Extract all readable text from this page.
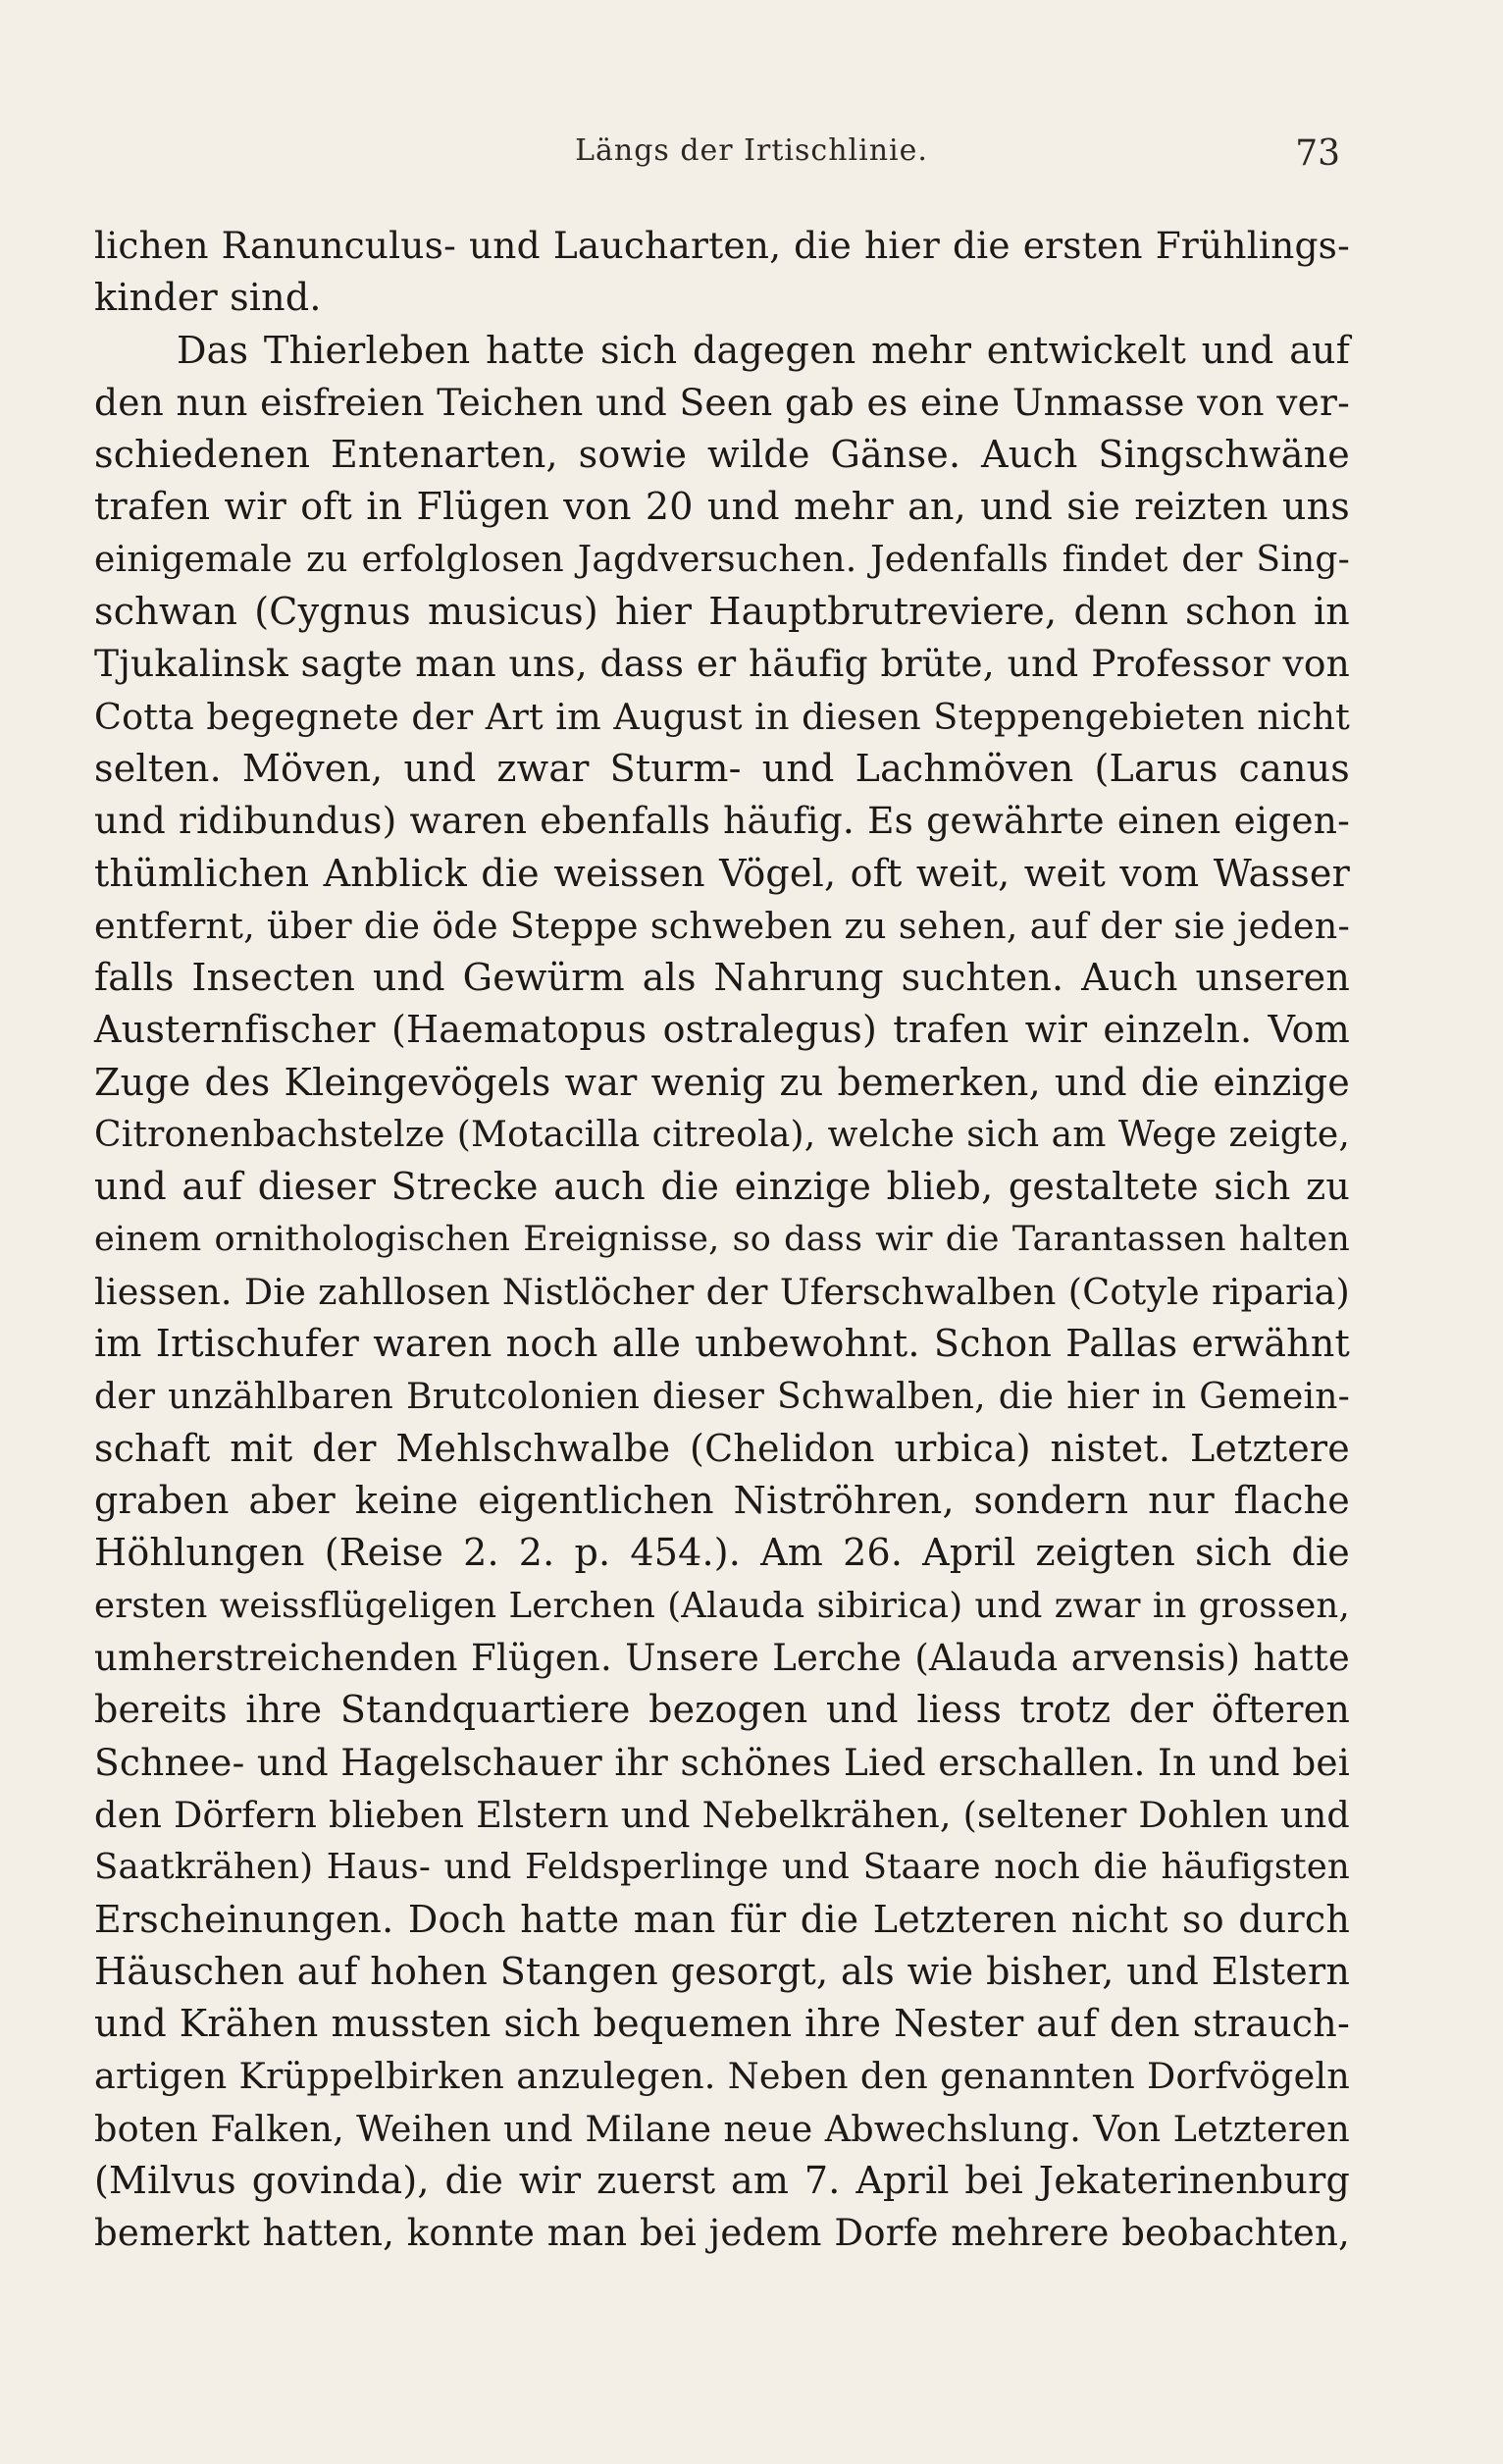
Längs der Irtischlinie.	73
lichen Ranunculus- und Laucharten, die hier die ersten Frühlings-
kinder sind.
Das Thierleben hatte sich dagegen mehr entwickelt und auf
den nun eisfreien Teichen und Seen gab es eine Unmasse von ver-
schiedenen Entenarten, sowie wilde Gänse. Auch Singschwäne
trafen wir oft in Flügen von 20 und mehr an, und sie reizten uns
einigemale zu erfolglosen Jagdversuchen. Jedenfalls findet der Sing-
schwan (Cygnus musicus) hier Hauptbrutreviere, denn schon in
Tjukalinsk sagte man uns, dass er häufig brüte, und Professor von
Cotta begegnete der Art im August in diesen Steppengebieten nicht
selten. Möven, und zwar Sturm- und Lachmöven (Larus canus
und ridibundus) waren ebenfalls häufig. Es gewährte einen eigen-
thümlichen Anblick die weissen Vögel, oft weit, weit vom Wasser
entfernt, über die öde Steppe schweben zu sehen, auf der sie jeden-
falls Insecten und Gewürm als Nahrung suchten. Auch unseren
Austernfischer (Haematopus ostralegus) trafen wir einzeln. Vom
Zuge des Kleingevögels war wenig zu bemerken, und die einzige
Citronenbachstelze (Motacilla citreola), welche sich am Wege zeigte,
und auf dieser Strecke auch die einzige blieb, gestaltete sich zu
einem ornithologischen Ereignisse, so dass wir die Tarantassen halten
liessen. Die zahllosen Nistlöcher der Uferschwalben (Cotyle riparia)
im Irtischufer waren noch alle unbewohnt. Schon Pallas erwähnt
der unzählbaren Brutcolonien dieser Schwalben, die hier in Gemein-
schaft mit der Mehlschwalbe (Chelidon urbica) nistet. Letztere
graben aber keine eigentlichen Niströhren, sondern nur flache
Höhlungen (Reise 2. 2. p. 454.). Am 26. April zeigten sich die
ersten weissflügeligen Lerchen (Alauda sibirica) und zwar in grossen,
umherstreichenden Flügen. Unsere Lerche (Alauda arvensis) hatte
bereits ihre Standquartiere bezogen und liess trotz der öfteren
Schnee- und Hagelschauer ihr schönes Lied erschallen. In und bei
den Dörfern blieben Elstern und Nebelkrähen, (seltener Dohlen und
Saatkrähen) Haus- und Feldsperlinge und Staare noch die häufigsten
Erscheinungen. Doch hatte man für die Letzteren nicht so durch
Häuschen auf hohen Stangen gesorgt, als wie bisher, und Elstern
und Krähen mussten sich bequemen ihre Nester auf den strauch-
artigen Krüppelbirken anzulegen. Neben den genannten Dorfvögeln
boten Falken, Weihen und Milane neue Abwechslung. Von Letzteren
(Milvus govinda), die wir zuerst am 7. April bei Jekaterinenburg
bemerkt hatten, konnte man bei jedem Dorfe mehrere beobachten,
